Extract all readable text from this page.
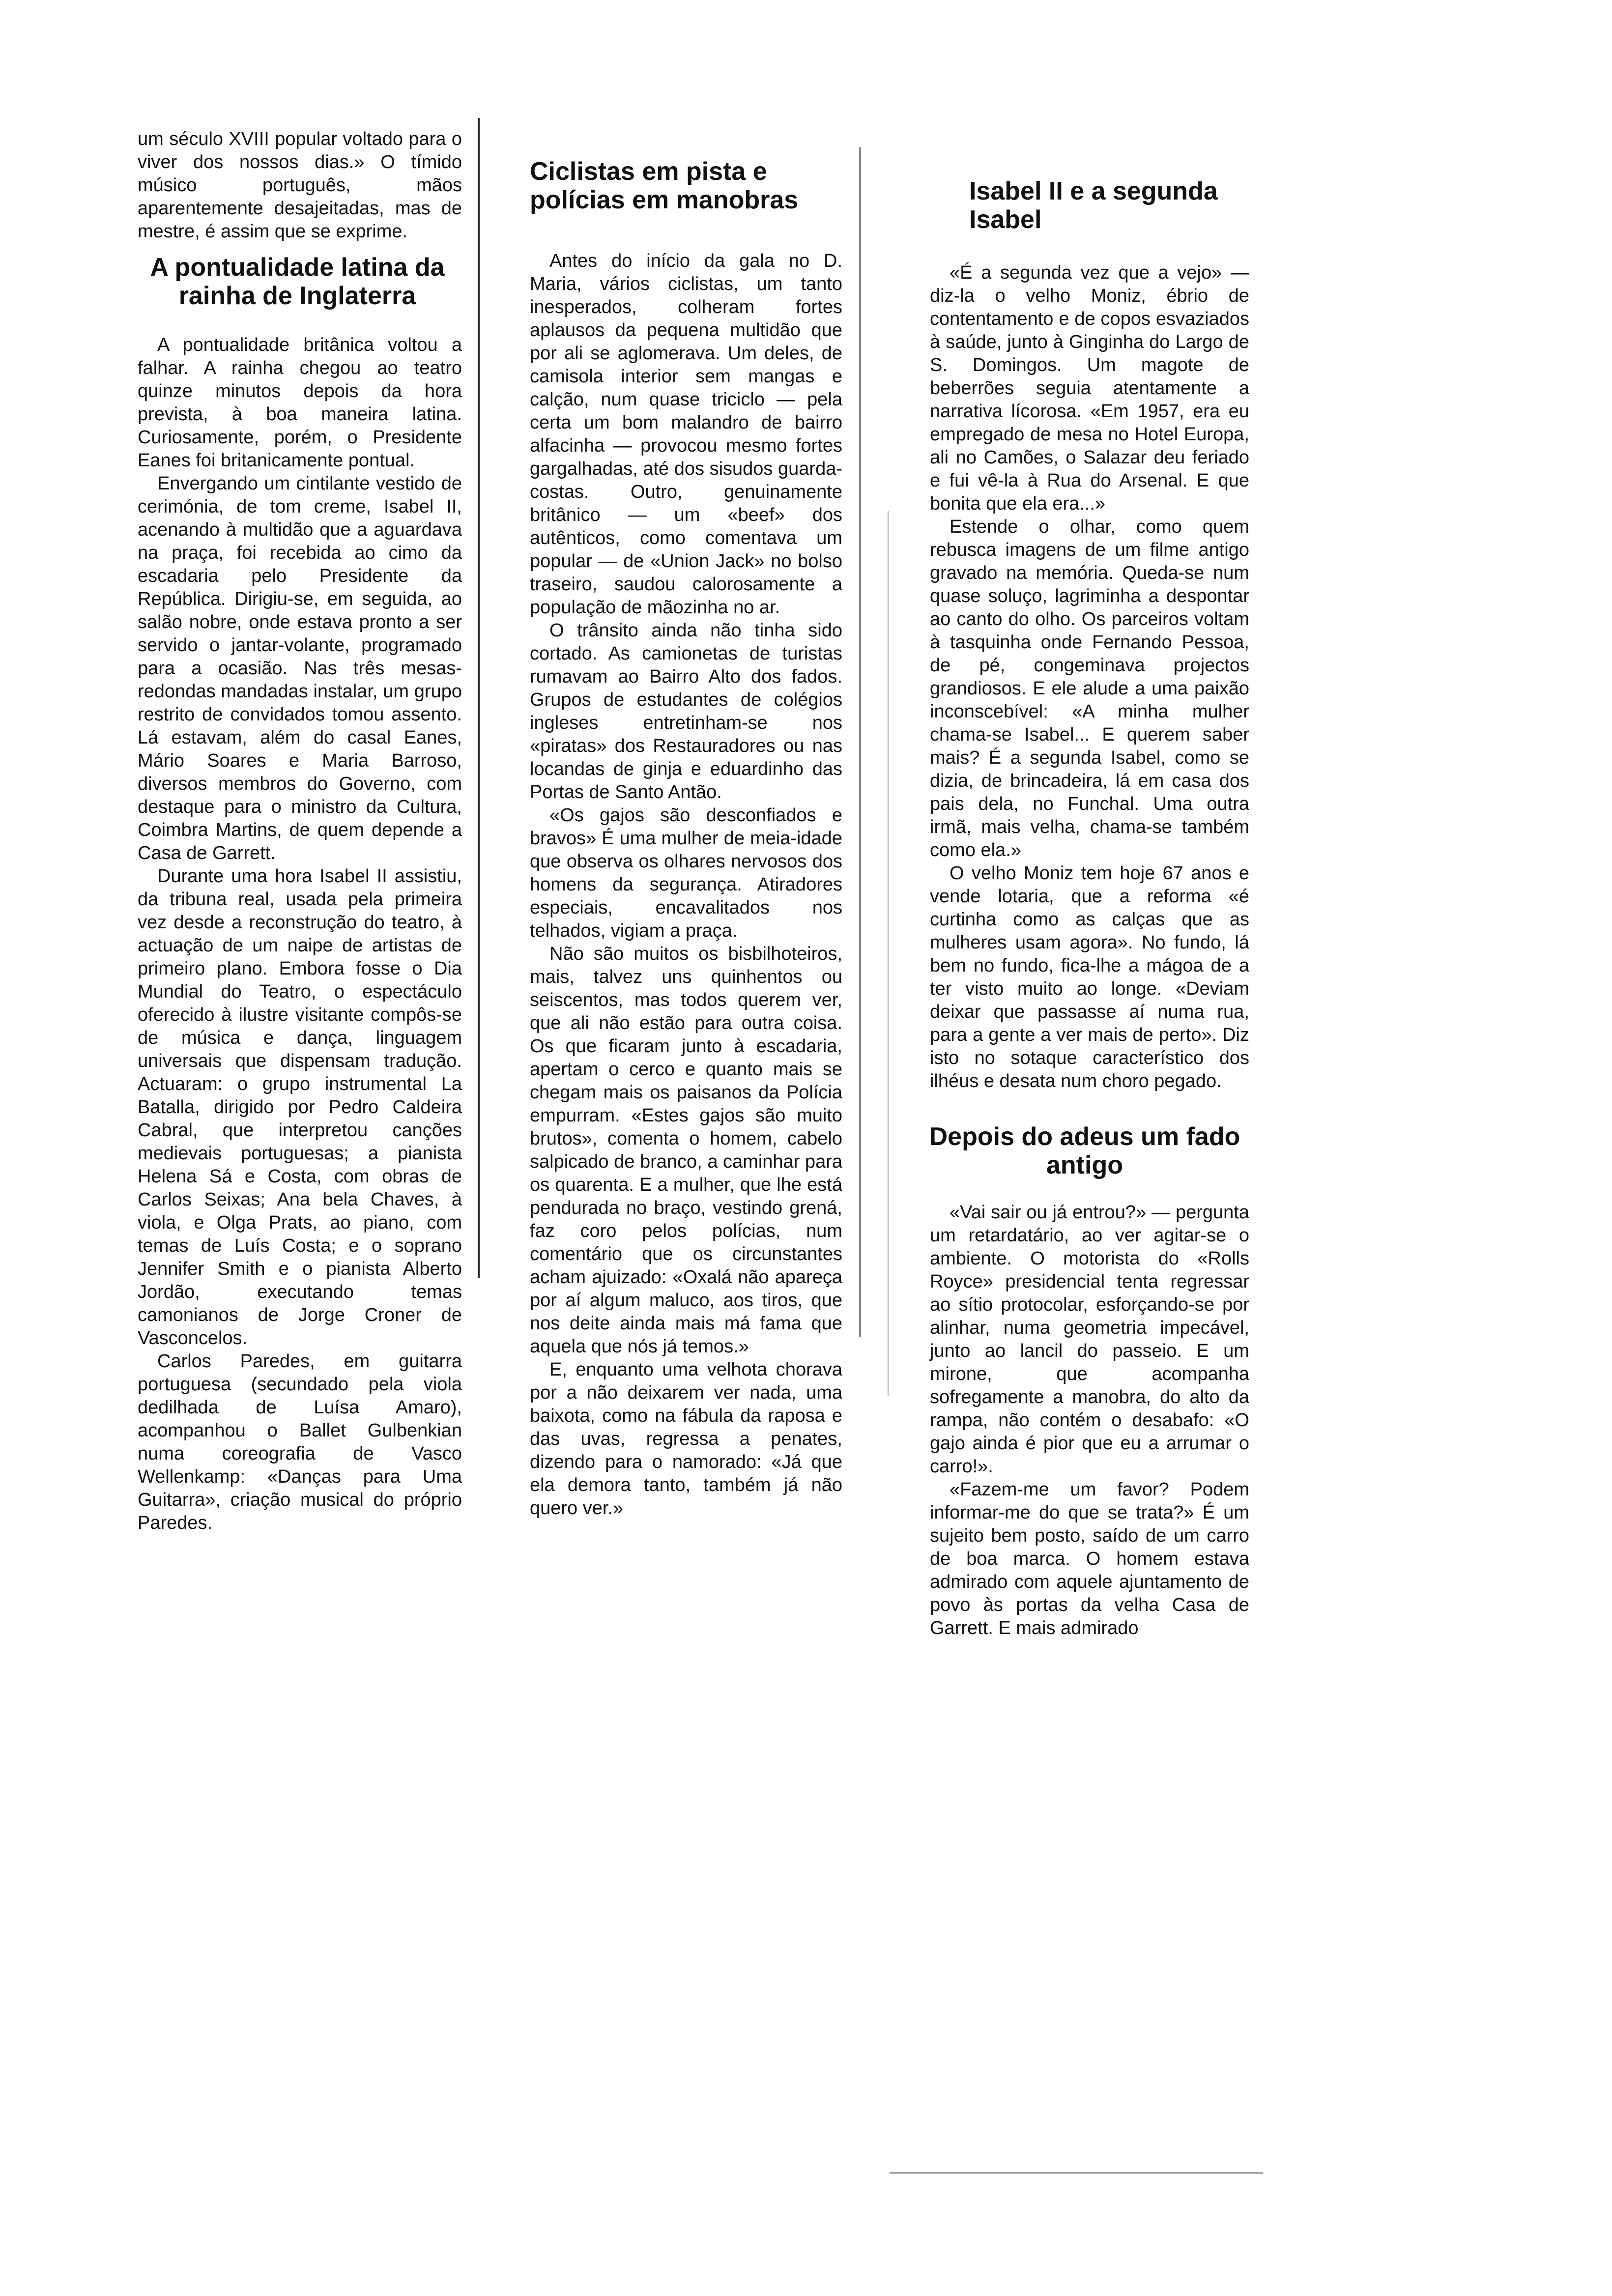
um século XVIII popular voltado para o viver dos nossos dias.» O tímido músico português, mãos aparentemente desajeitadas, mas de mestre, é assim que se exprime.

A pontualidade latina da rainha de Inglaterra

A pontualidade britânica voltou a falhar. A rainha chegou ao teatro quinze minutos depois da hora prevista, à boa maneira latina. Curiosamente, porém, o Presidente Eanes foi britanicamente pontual.

Envergando um cintilante vestido de cerimónia, de tom creme, Isabel II, acenando à multidão que a aguardava na praça, foi recebida ao cimo da escadaria pelo Presidente da República. Dirigiu-se, em seguida, ao salão nobre, onde estava pronto a ser servido o jantar-volante, programado para a ocasião. Nas três mesas-redondas mandadas instalar, um grupo restrito de convidados tomou assento. Lá estavam, além do casal Eanes, Mário Soares e Maria Barroso, diversos membros do Governo, com destaque para o ministro da Cultura, Coimbra Martins, de quem depende a Casa de Garrett.

Durante uma hora Isabel II assistiu, da tribuna real, usada pela primeira vez desde a reconstrução do teatro, à actuação de um naipe de artistas de primeiro plano. Embora fosse o Dia Mundial do Teatro, o espectáculo oferecido à ilustre visitante compôs-se de música e dança, linguagem universais que dispensam tradução. Actuaram: o grupo instrumental La Batalla, dirigido por Pedro Caldeira Cabral, que interpretou canções medievais portuguesas; a pianista Helena Sá e Costa, com obras de Carlos Seixas; Ana bela Chaves, à viola, e Olga Prats, ao piano, com temas de Luís Costa; e o soprano Jennifer Smith e o pianista Alberto Jordão, executando temas camonianos de Jorge Croner de Vasconcelos.

Carlos Paredes, em guitarra portuguesa (secundado pela viola dedilhada de Luísa Amaro), acompanhou o Ballet Gulbenkian numa coreografia de Vasco Wellenkamp: «Danças para Uma Guitarra», criação musical do próprio Paredes.

Ciclistas em pista e polícias em manobras

Antes do início da gala no D. Maria, vários ciclistas, um tanto inesperados, colheram fortes aplausos da pequena multidão que por ali se aglomerava. Um deles, de camisola interior sem mangas e calção, num quase triciclo — pela certa um bom malandro de bairro alfacinha — provocou mesmo fortes gargalhadas, até dos sisudos guarda-costas. Outro, genuinamente britânico — um «beef» dos autênticos, como comentava um popular — de «Union Jack» no bolso traseiro, saudou calorosamente a população de mãozinha no ar.

O trânsito ainda não tinha sido cortado. As camionetas de turistas rumavam ao Bairro Alto dos fados. Grupos de estudantes de colégios ingleses entretinham-se nos «piratas» dos Restauradores ou nas locandas de ginja e eduardinho das Portas de Santo Antão.

«Os gajos são desconfiados e bravos» É uma mulher de meia-idade que observa os olhares nervosos dos homens da segurança. Atiradores especiais, encavalitados nos telhados, vigiam a praça.

Não são muitos os bisbilhoteiros, mais, talvez uns quinhentos ou seiscentos, mas todos querem ver, que ali não estão para outra coisa. Os que ficaram junto à escadaria, apertam o cerco e quanto mais se chegam mais os paisanos da Polícia empurram. «Estes gajos são muito brutos», comenta o homem, cabelo salpicado de branco, a caminhar para os quarenta. E a mulher, que lhe está pendurada no braço, vestindo grená, faz coro pelos polícias, num comentário que os circunstantes acham ajuizado: «Oxalá não apareça por aí algum maluco, aos tiros, que nos deite ainda mais má fama que aquela que nós já temos.»

E, enquanto uma velhota chorava por a não deixarem ver nada, uma baixota, como na fábula da raposa e das uvas, regressa a penates, dizendo para o namorado: «Já que ela demora tanto, também já não quero ver.»

Isabel II e a segunda Isabel

«É a segunda vez que a vejo» — diz-la o velho Moniz, ébrio de contentamento e de copos esvaziados à saúde, junto à Ginginha do Largo de S. Domingos. Um magote de beberrões seguia atentamente a narrativa lícorosa. «Em 1957, era eu empregado de mesa no Hotel Europa, ali no Camões, o Salazar deu feriado e fui vê-la à Rua do Arsenal. E que bonita que ela era...»

Estende o olhar, como quem rebusca imagens de um filme antigo gravado na memória. Queda-se num quase soluço, lagriminha a despontar ao canto do olho. Os parceiros voltam à tasquinha onde Fernando Pessoa, de pé, congeminava projectos grandiosos. E ele alude a uma paixão inconscebível: «A minha mulher chama-se Isabel... E querem saber mais? É a segunda Isabel, como se dizia, de brincadeira, lá em casa dos pais dela, no Funchal. Uma outra irmã, mais velha, chama-se também como ela.»

O velho Moniz tem hoje 67 anos e vende lotaria, que a reforma «é curtinha como as calças que as mulheres usam agora». No fundo, lá bem no fundo, fica-lhe a mágoa de a ter visto muito ao longe. «Deviam deixar que passasse aí numa rua, para a gente a ver mais de perto». Diz isto no sotaque característico dos ilhéus e desata num choro pegado.

Depois do adeus um fado antigo

«Vai sair ou já entrou?» — pergunta um retardatário, ao ver agitar-se o ambiente. O motorista do «Rolls Royce» presidencial tenta regressar ao sítio protocolar, esforçando-se por alinhar, numa geometria impecável, junto ao lancil do passeio. E um mirone, que acompanha sofregamente a manobra, do alto da rampa, não contém o desabafo: «O gajo ainda é pior que eu a arrumar o carro!».

«Fazem-me um favor? Podem informar-me do que se trata?» É um sujeito bem posto, saído de um carro de boa marca. O homem estava admirado com aquele ajuntamento de povo às portas da velha Casa de Garrett. E mais admirado
